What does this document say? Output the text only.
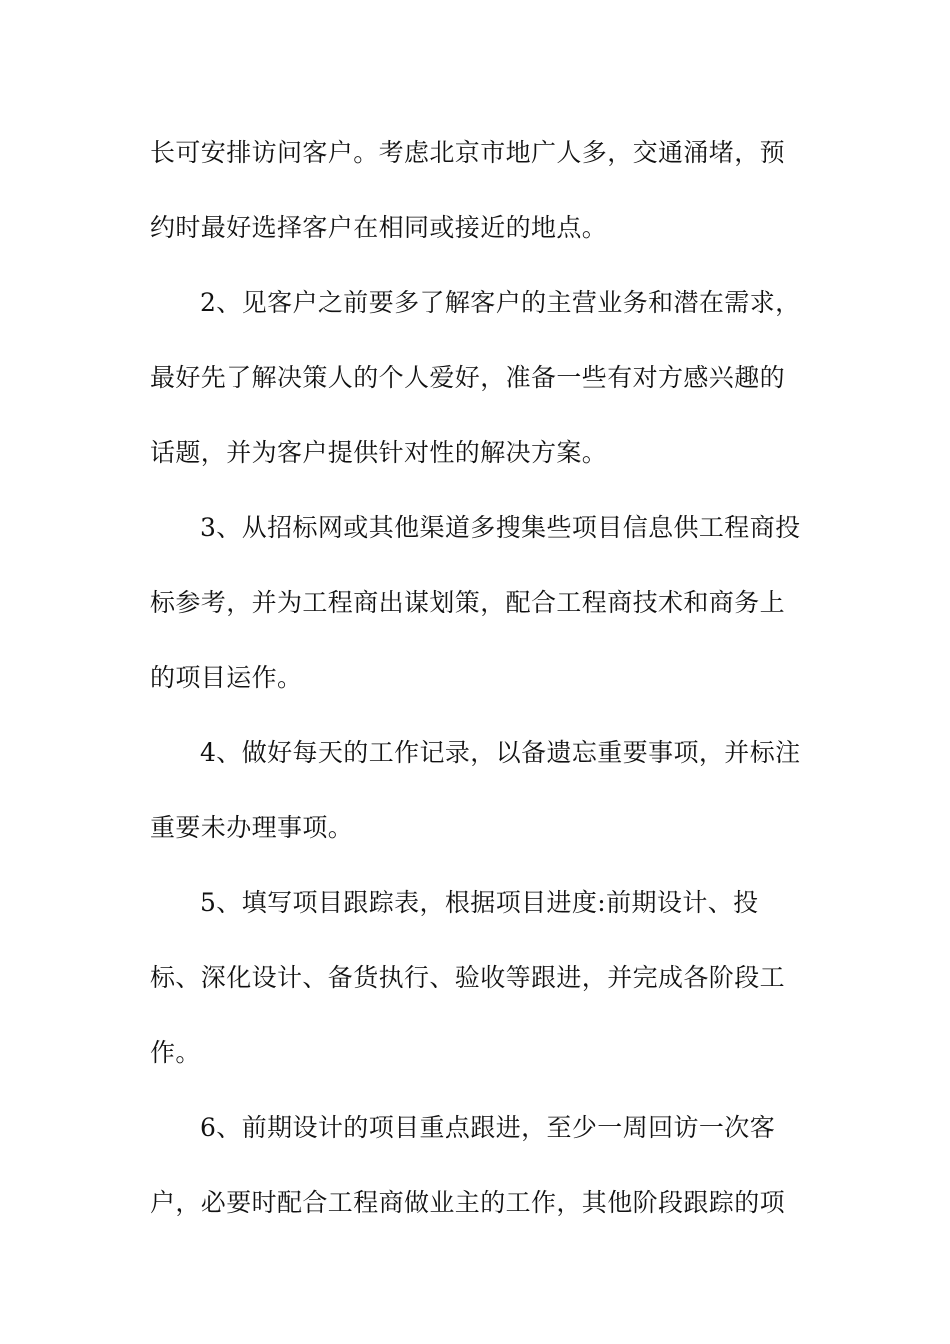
长可安排访问客户。考虑北京市地广人多，交通涌堵，预
约时最好选择客户在相同或接近的地点。
2、见客户之前要多了解客户的主营业务和潜在需求，
最好先了解决策人的个人爱好，准备一些有对方感兴趣的
话题，并为客户提供针对性的解决方案。
3、从招标网或其他渠道多搜集些项目信息供工程商投
标参考，并为工程商出谋划策，配合工程商技术和商务上
的项目运作。
4、做好每天的工作记录，以备遗忘重要事项，并标注
重要未办理事项。
5、填写项目跟踪表，根据项目进度:前期设计、投
标、深化设计、备货执行、验收等跟进，并完成各阶段工
作。
6、前期设计的项目重点跟进，至少一周回访一次客
户，必要时配合工程商做业主的工作，其他阶段跟踪的项
